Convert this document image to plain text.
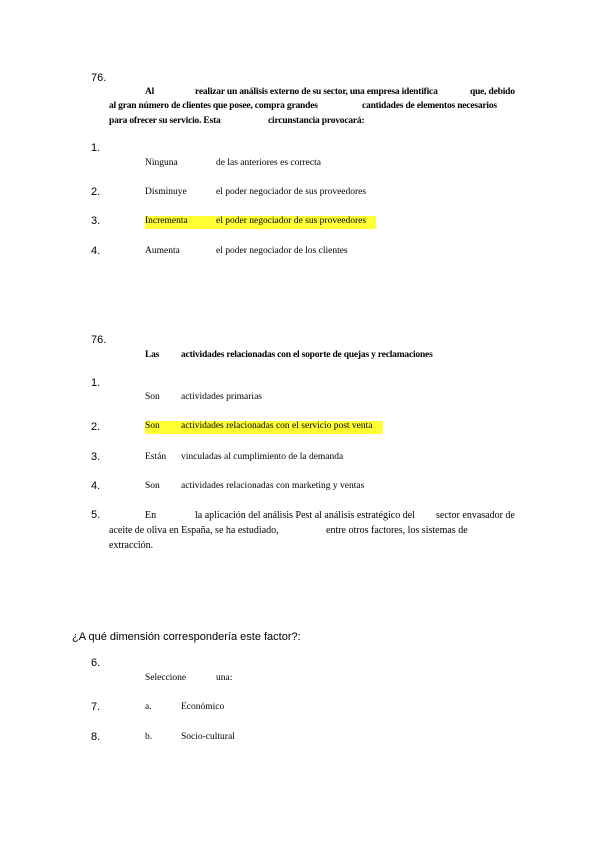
76.
Al	realizar un análisis externo de su sector, una empresa identifica	que, debido
al gran número de clientes que posee, compra grandes	cantidades de elementos necesarios
para ofrecer su servicio. Esta	circunstancia provocará:
1.
Ninguna	de las anteriores es correcta
2.	Disminuye	el poder negociador de sus proveedores
3.	Incrementa	el poder negociador de sus proveedores
4.	Aumenta	el poder negociador de los clientes
76.
Las actividades relacionadas con el soporte de quejas y reclamaciones
1.
Son actividades primarias
2.	Son actividades relacionadas con el servicio post venta
3.	Están vinculadas al cumplimiento de la demanda
4.	Son actividades relacionadas con marketing y ventas
5.	En	la aplicación del análisis Pest al análisis estratégico del sector envasador de
aceite de oliva en España, se ha estudiado,	entre otros factores, los sistemas de
extracción.
¿A qué dimensión correspondería este factor?:
6.
Seleccione	una:
7.	a.	Económico
8.	b.	Socio-cultural
